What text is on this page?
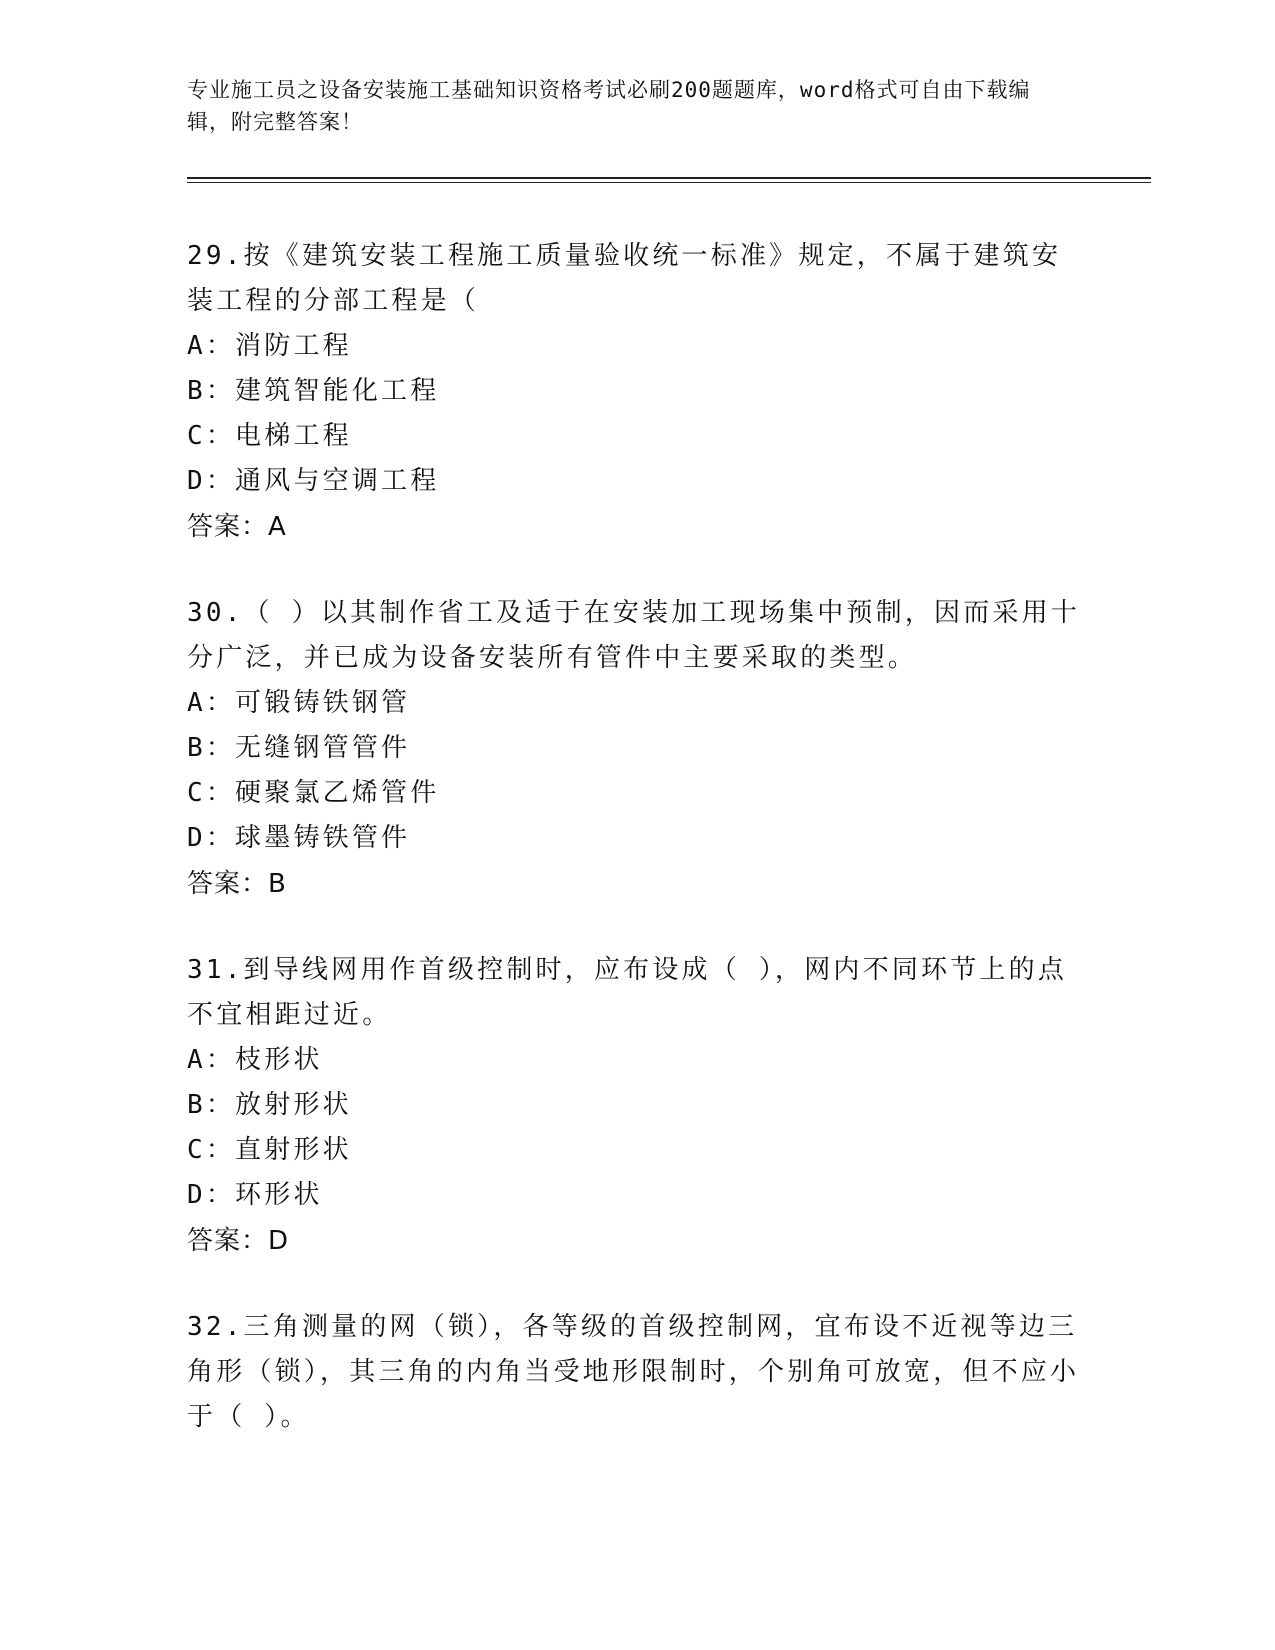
专业施工员之设备安装施工基础知识资格考试必刷200题题库，word格式可自由下载编辑，附完整答案！
29.按《建筑安装工程施工质量验收统一标准》规定，不属于建筑安装工程的分部工程是（
A：消防工程
B：建筑智能化工程
C：电梯工程
D：通风与空调工程
答案：A
30.（ ）以其制作省工及适于在安装加工现场集中预制，因而采用十分广泛，并已成为设备安装所有管件中主要采取的类型。
A：可锻铸铁钢管
B：无缝钢管管件
C：硬聚氯乙烯管件
D：球墨铸铁管件
答案：B
31.到导线网用作首级控制时，应布设成（ ），网内不同环节上的点不宜相距过近。
A：枝形状
B：放射形状
C：直射形状
D：环形状
答案：D
32.三角测量的网（锁），各等级的首级控制网，宜布设不近视等边三角形（锁），其三角的内角当受地形限制时，个别角可放宽，但不应小于（ ）。
